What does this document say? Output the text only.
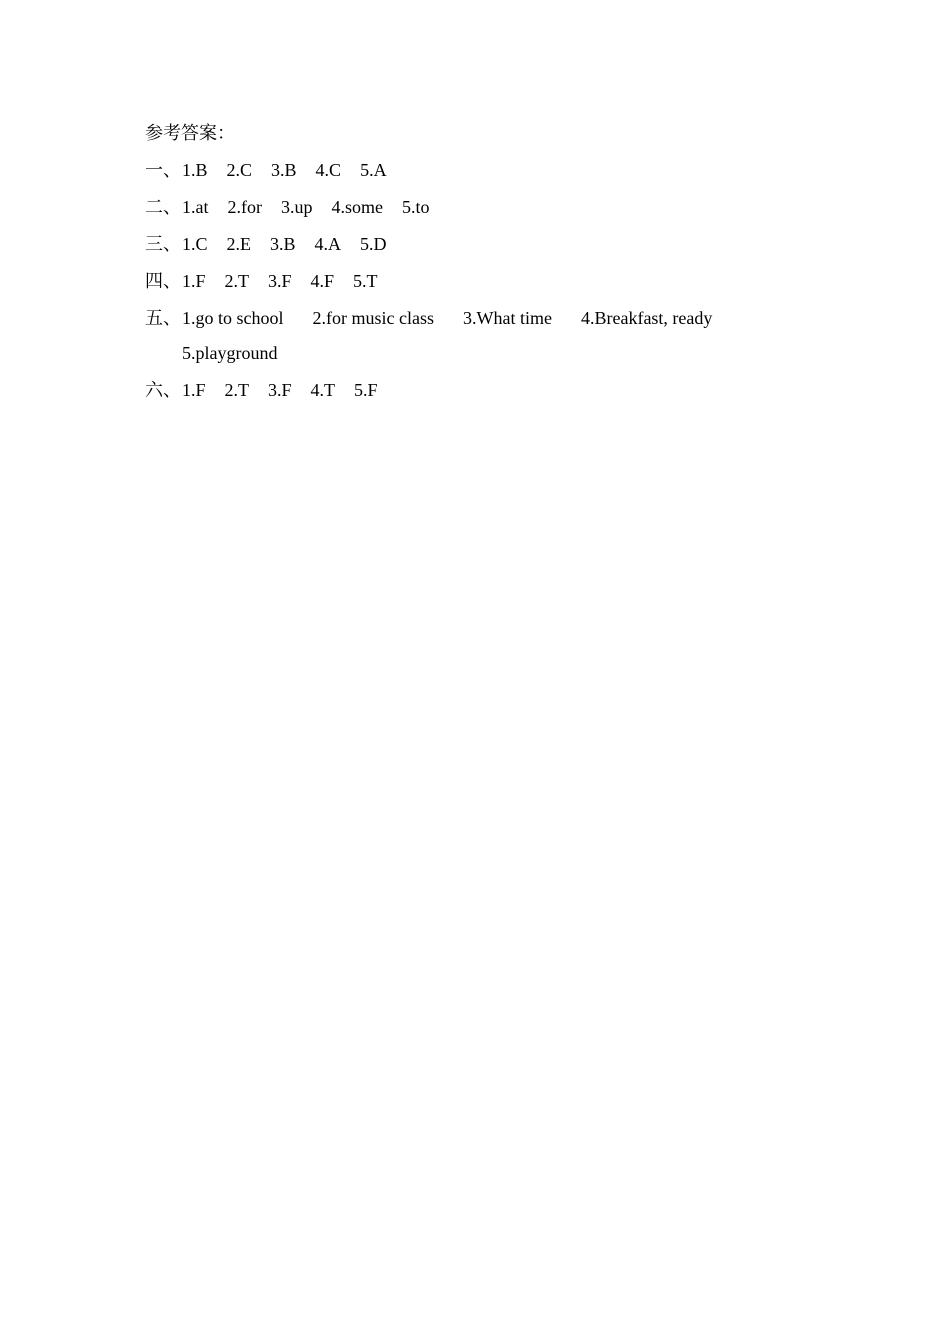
参考答案：
一、 1.B 2.C 3.B 4.C 5.A
二、 1.at 2.for 3.up 4.some 5.to
三、 1.C 2.E 3.B 4.A 5.D
四、 1.F 2.T 3.F 4.F 5.T
五、 1.go to school 2.for music class 3.What time 4.Breakfast, ready
5.playground
六、 1.F 2.T 3.F 4.T 5.F
